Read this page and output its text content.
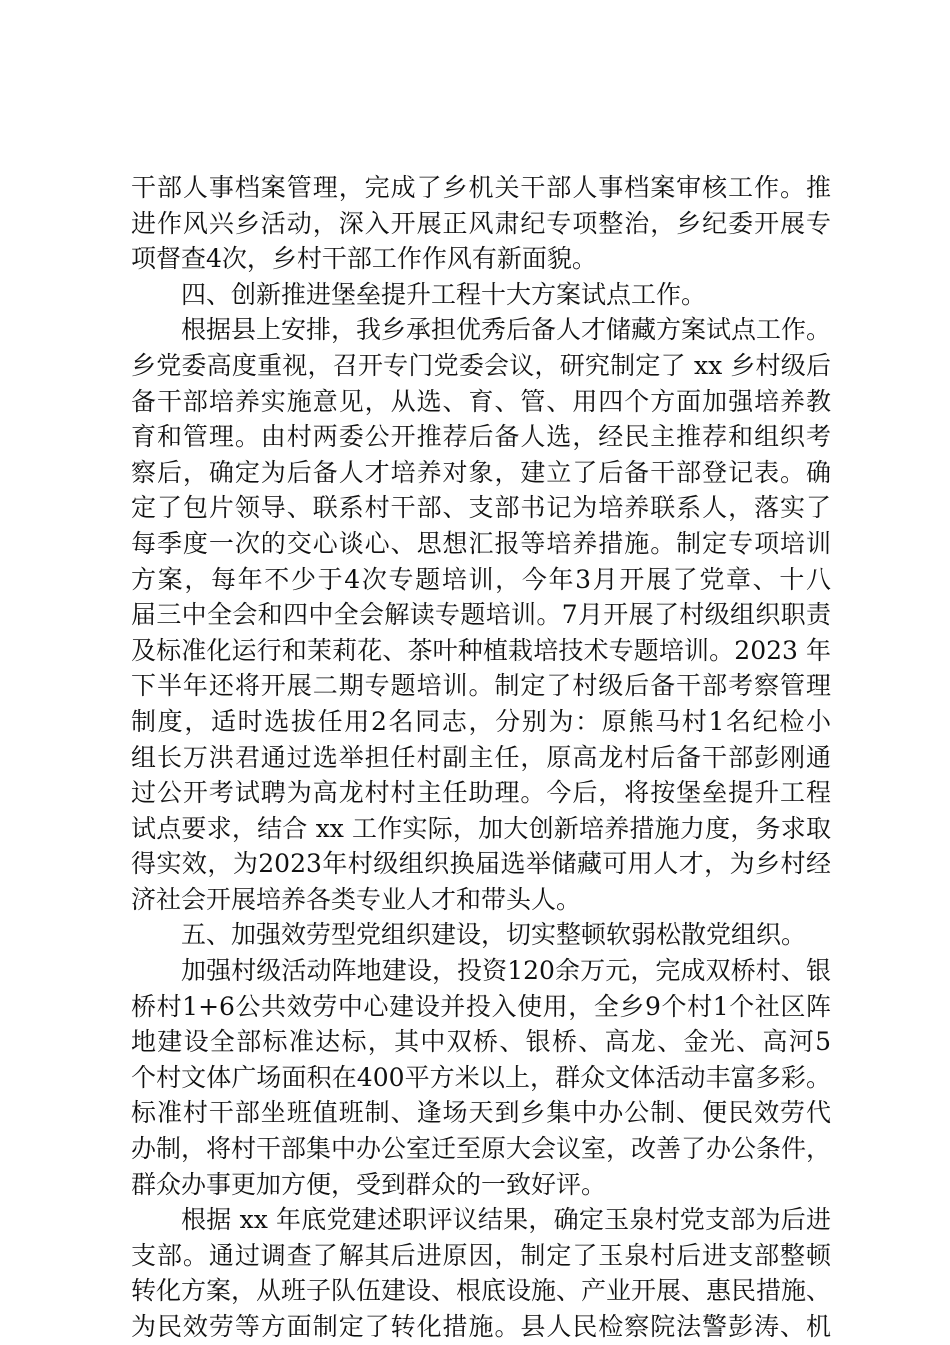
干部人事档案管理，完成了乡机关干部人事档案审核工作。推
进作风兴乡活动，深入开展正风肃纪专项整治，乡纪委开展专
项督查4次，乡村干部工作作风有新面貌。
四、创新推进堡垒提升工程十大方案试点工作。
根据县上安排，我乡承担优秀后备人才储藏方案试点工作。
乡党委高度重视，召开专门党委会议，研究制定了 xx 乡村级后
备干部培养实施意见，从选、育、管、用四个方面加强培养教
育和管理。由村两委公开推荐后备人选，经民主推荐和组织考
察后，确定为后备人才培养对象，建立了后备干部登记表。确
定了包片领导、联系村干部、支部书记为培养联系人，落实了
每季度一次的交心谈心、思想汇报等培养措施。制定专项培训
方案，每年不少于4次专题培训，今年3月开展了党章、十八
届三中全会和四中全会解读专题培训。7月开展了村级组织职责
及标准化运行和茉莉花、茶叶种植栽培技术专题培训。2023 年
下半年还将开展二期专题培训。制定了村级后备干部考察管理
制度，适时选拔任用2名同志，分别为：原熊马村1名纪检小
组长万洪君通过选举担任村副主任，原高龙村后备干部彭刚通
过公开考试聘为高龙村村主任助理。今后，将按堡垒提升工程
试点要求，结合 xx 工作实际，加大创新培养措施力度，务求取
得实效，为2023年村级组织换届选举储藏可用人才，为乡村经
济社会开展培养各类专业人才和带头人。
五、加强效劳型党组织建设，切实整顿软弱松散党组织。
加强村级活动阵地建设，投资120余万元，完成双桥村、银
桥村1+6公共效劳中心建设并投入使用，全乡9个村1个社区阵
地建设全部标准达标，其中双桥、银桥、高龙、金光、高河5
个村文体广场面积在400平方米以上，群众文体活动丰富多彩。
标准村干部坐班值班制、逢场天到乡集中办公制、便民效劳代
办制，将村干部集中办公室迁至原大会议室，改善了办公条件，
群众办事更加方便，受到群众的一致好评。
根据 xx 年底党建述职评议结果，确定玉泉村党支部为后进
支部。通过调查了解其后进原因，制定了玉泉村后进支部整顿
转化方案，从班子队伍建设、根底设施、产业开展、惠民措施、
为民效劳等方面制定了转化措施。县人民检察院法警彭涛、机
